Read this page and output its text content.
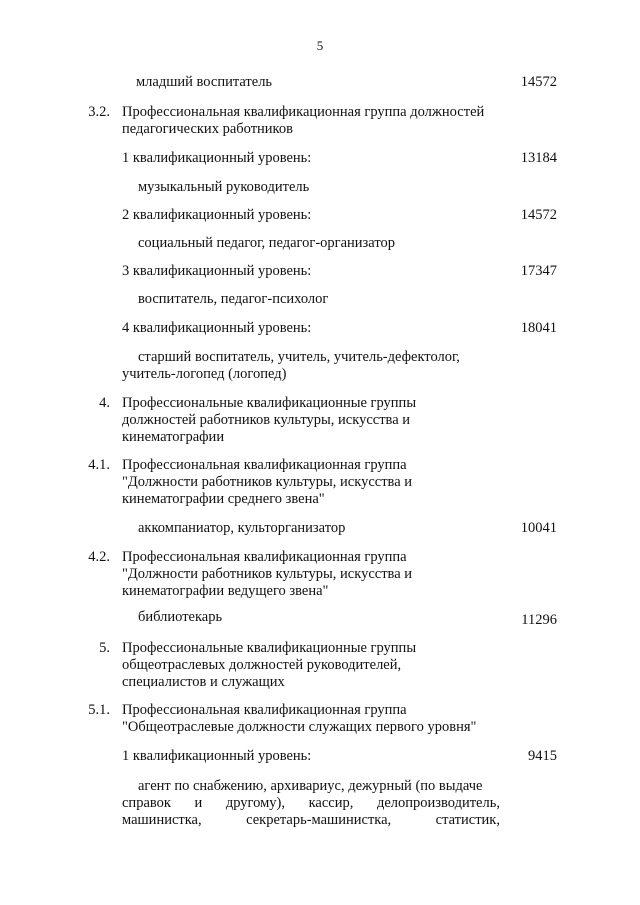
5
младший воспитатель	14572
3.2. Профессиональная квалификационная группа должностей
педагогических работников
1 квалификационный уровень:	13184
музыкальный руководитель
2 квалификационный уровень:	14572
социальный педагог, педагог-организатор
3 квалификационный уровень:	17347
воспитатель, педагог-психолог
4 квалификационный уровень:	18041
старший воспитатель, учитель, учитель-дефектолог,
учитель-логопед (логопед)
4. Профессиональные квалификационные группы
должностей работников культуры, искусства и
кинематографии
4.1. Профессиональная квалификационная группа
"Должности работников культуры, искусства и
кинематографии среднего звена"
аккомпаниатор, культорганизатор	10041
4.2. Профессиональная квалификационная группа
"Должности работников культуры, искусства и
кинематографии ведущего звена"
библиотекарь	11296
5. Профессиональные квалификационные группы
общеотраслевых должностей руководителей,
специалистов и служащих
5.1. Профессиональная квалификационная группа
"Общеотраслевые должности служащих первого уровня"
1 квалификационный уровень:	9415
агент по снабжению, архивариус, дежурный (по выдаче
справок и другому), кассир, делопроизводитель,
машинистка,	секретарь-машинистка,	статистик,
